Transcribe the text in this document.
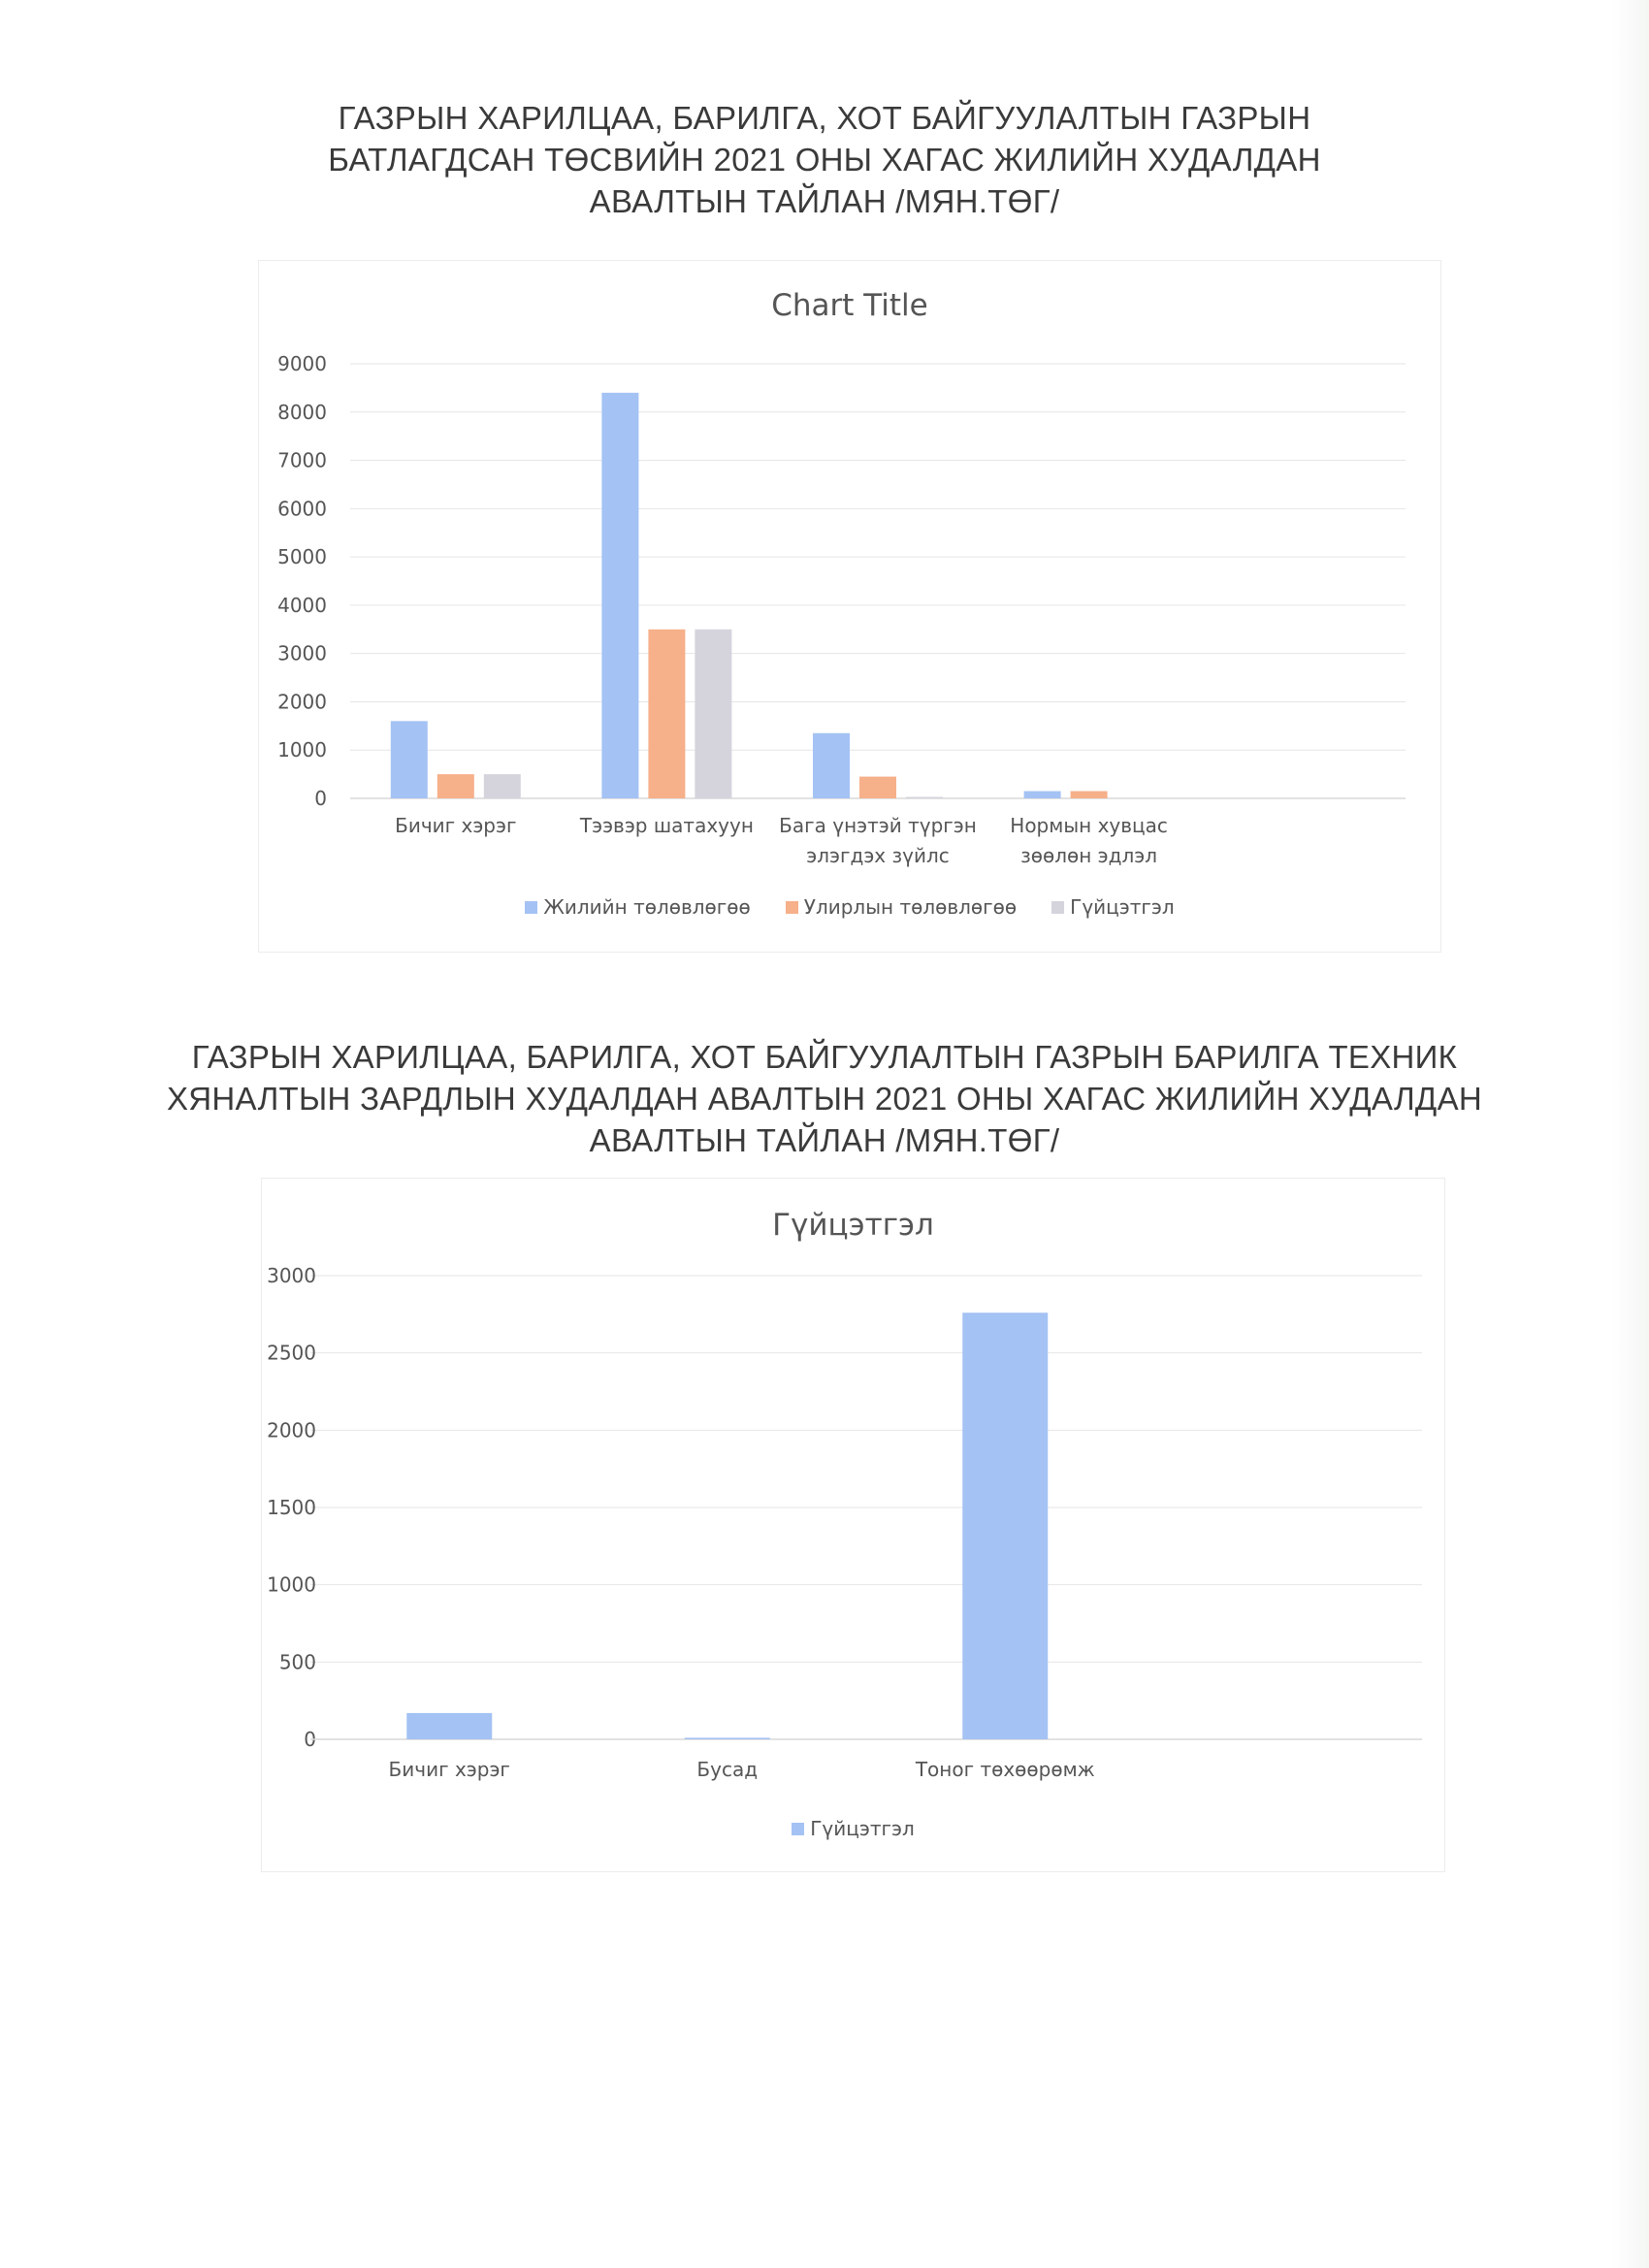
ГАЗРЫН ХАРИЛЦАА, БАРИЛГА, ХОТ БАЙГУУЛАЛТЫН ГАЗРЫН
БАТЛАГДСАН ТӨСВИЙН 2021 ОНЫ ХАГАС ЖИЛИЙН ХУДАЛДАН
АВАЛТЫН ТАЙЛАН /МЯН.ТӨГ/
Chart Title
0
1000
2000
3000
4000
5000
6000
7000
8000
9000
Бичиг хэрэг	Тээвэр шатахуун Бага үнэтэй түргэн
элэгдэх зүйлс
Нормын хувцас
зөөлөн эдлэл
Жилийн төлөвлөгөө	Улирлын төлөвлөгөө	Гүйцэтгэл
ГАЗРЫН ХАРИЛЦАА, БАРИЛГА, ХОТ БАЙГУУЛАЛТЫН ГАЗРЫН БАРИЛГА ТЕХНИК
ХЯНАЛТЫН ЗАРДЛЫН ХУДАЛДАН АВАЛТЫН 2021 ОНЫ ХАГАС ЖИЛИЙН ХУДАЛДАН
АВАЛТЫН ТАЙЛАН /МЯН.ТӨГ/
Гүйцэтгэл
0
500
1000
1500
2000
2500
3000
Бичиг хэрэг	Бусад	Тоног төхөөрөмж
Гүйцэтгэл
